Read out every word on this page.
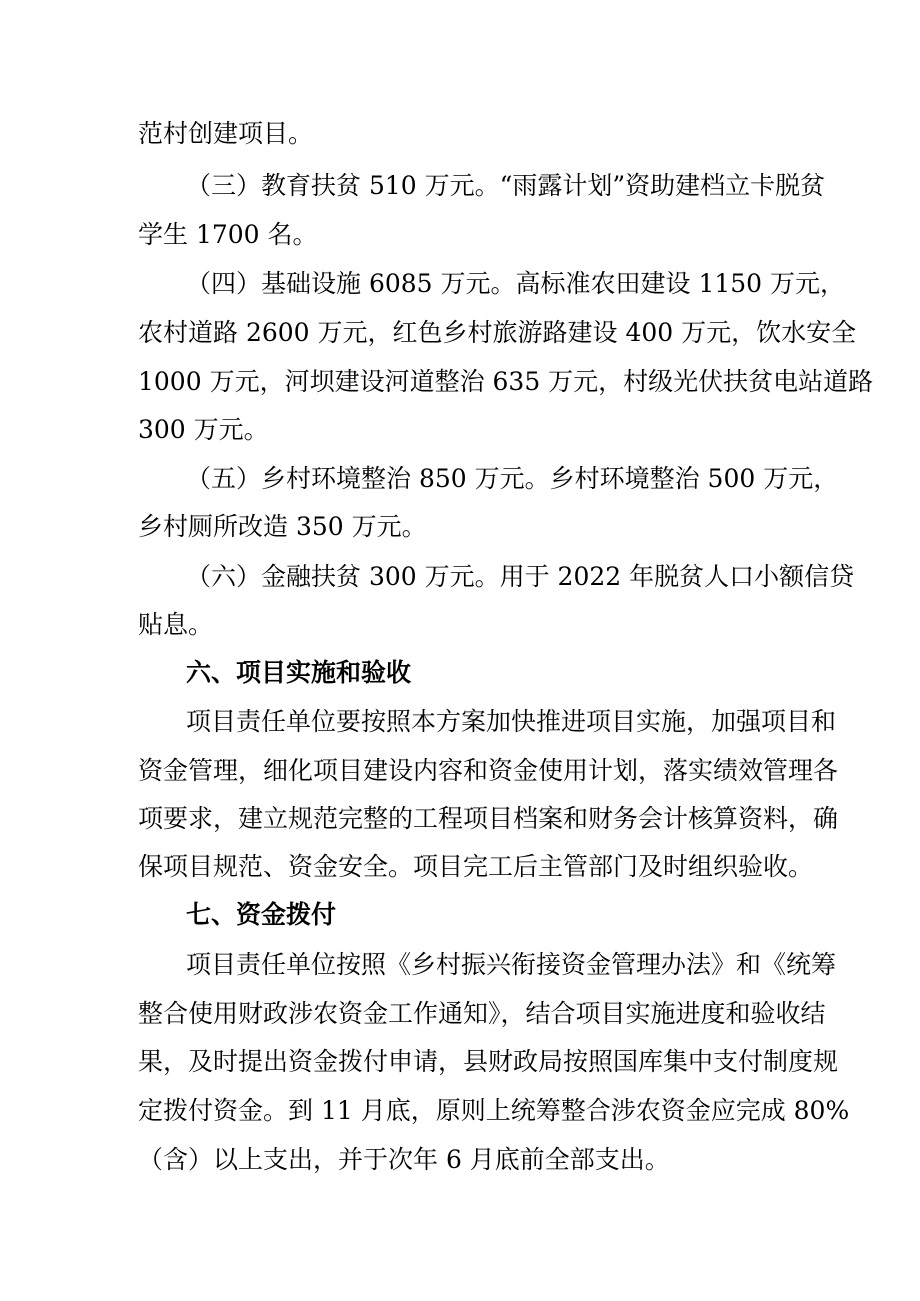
范村创建项目。
（三）教育扶贫 510 万元。“雨露计划”资助建档立卡脱贫
学生 1700 名。
（四）基础设施 6085 万元。高标准农田建设 1150 万元，
农村道路 2600 万元，红色乡村旅游路建设 400 万元，饮水安全
1000 万元，河坝建设河道整治 635 万元，村级光伏扶贫电站道路
300 万元。
（五）乡村环境整治 850 万元。乡村环境整治 500 万元，
乡村厕所改造 350 万元。
（六）金融扶贫 300 万元。用于 2022 年脱贫人口小额信贷
贴息。
六、项目实施和验收
项目责任单位要按照本方案加快推进项目实施，加强项目和
资金管理，细化项目建设内容和资金使用计划，落实绩效管理各
项要求，建立规范完整的工程项目档案和财务会计核算资料，确
保项目规范、资金安全。项目完工后主管部门及时组织验收。
七、资金拨付
项目责任单位按照《乡村振兴衔接资金管理办法》和《统筹
整合使用财政涉农资金工作通知》，结合项目实施进度和验收结
果，及时提出资金拨付申请，县财政局按照国库集中支付制度规
定拨付资金。到 11 月底，原则上统筹整合涉农资金应完成 80%
（含）以上支出，并于次年 6 月底前全部支出。
